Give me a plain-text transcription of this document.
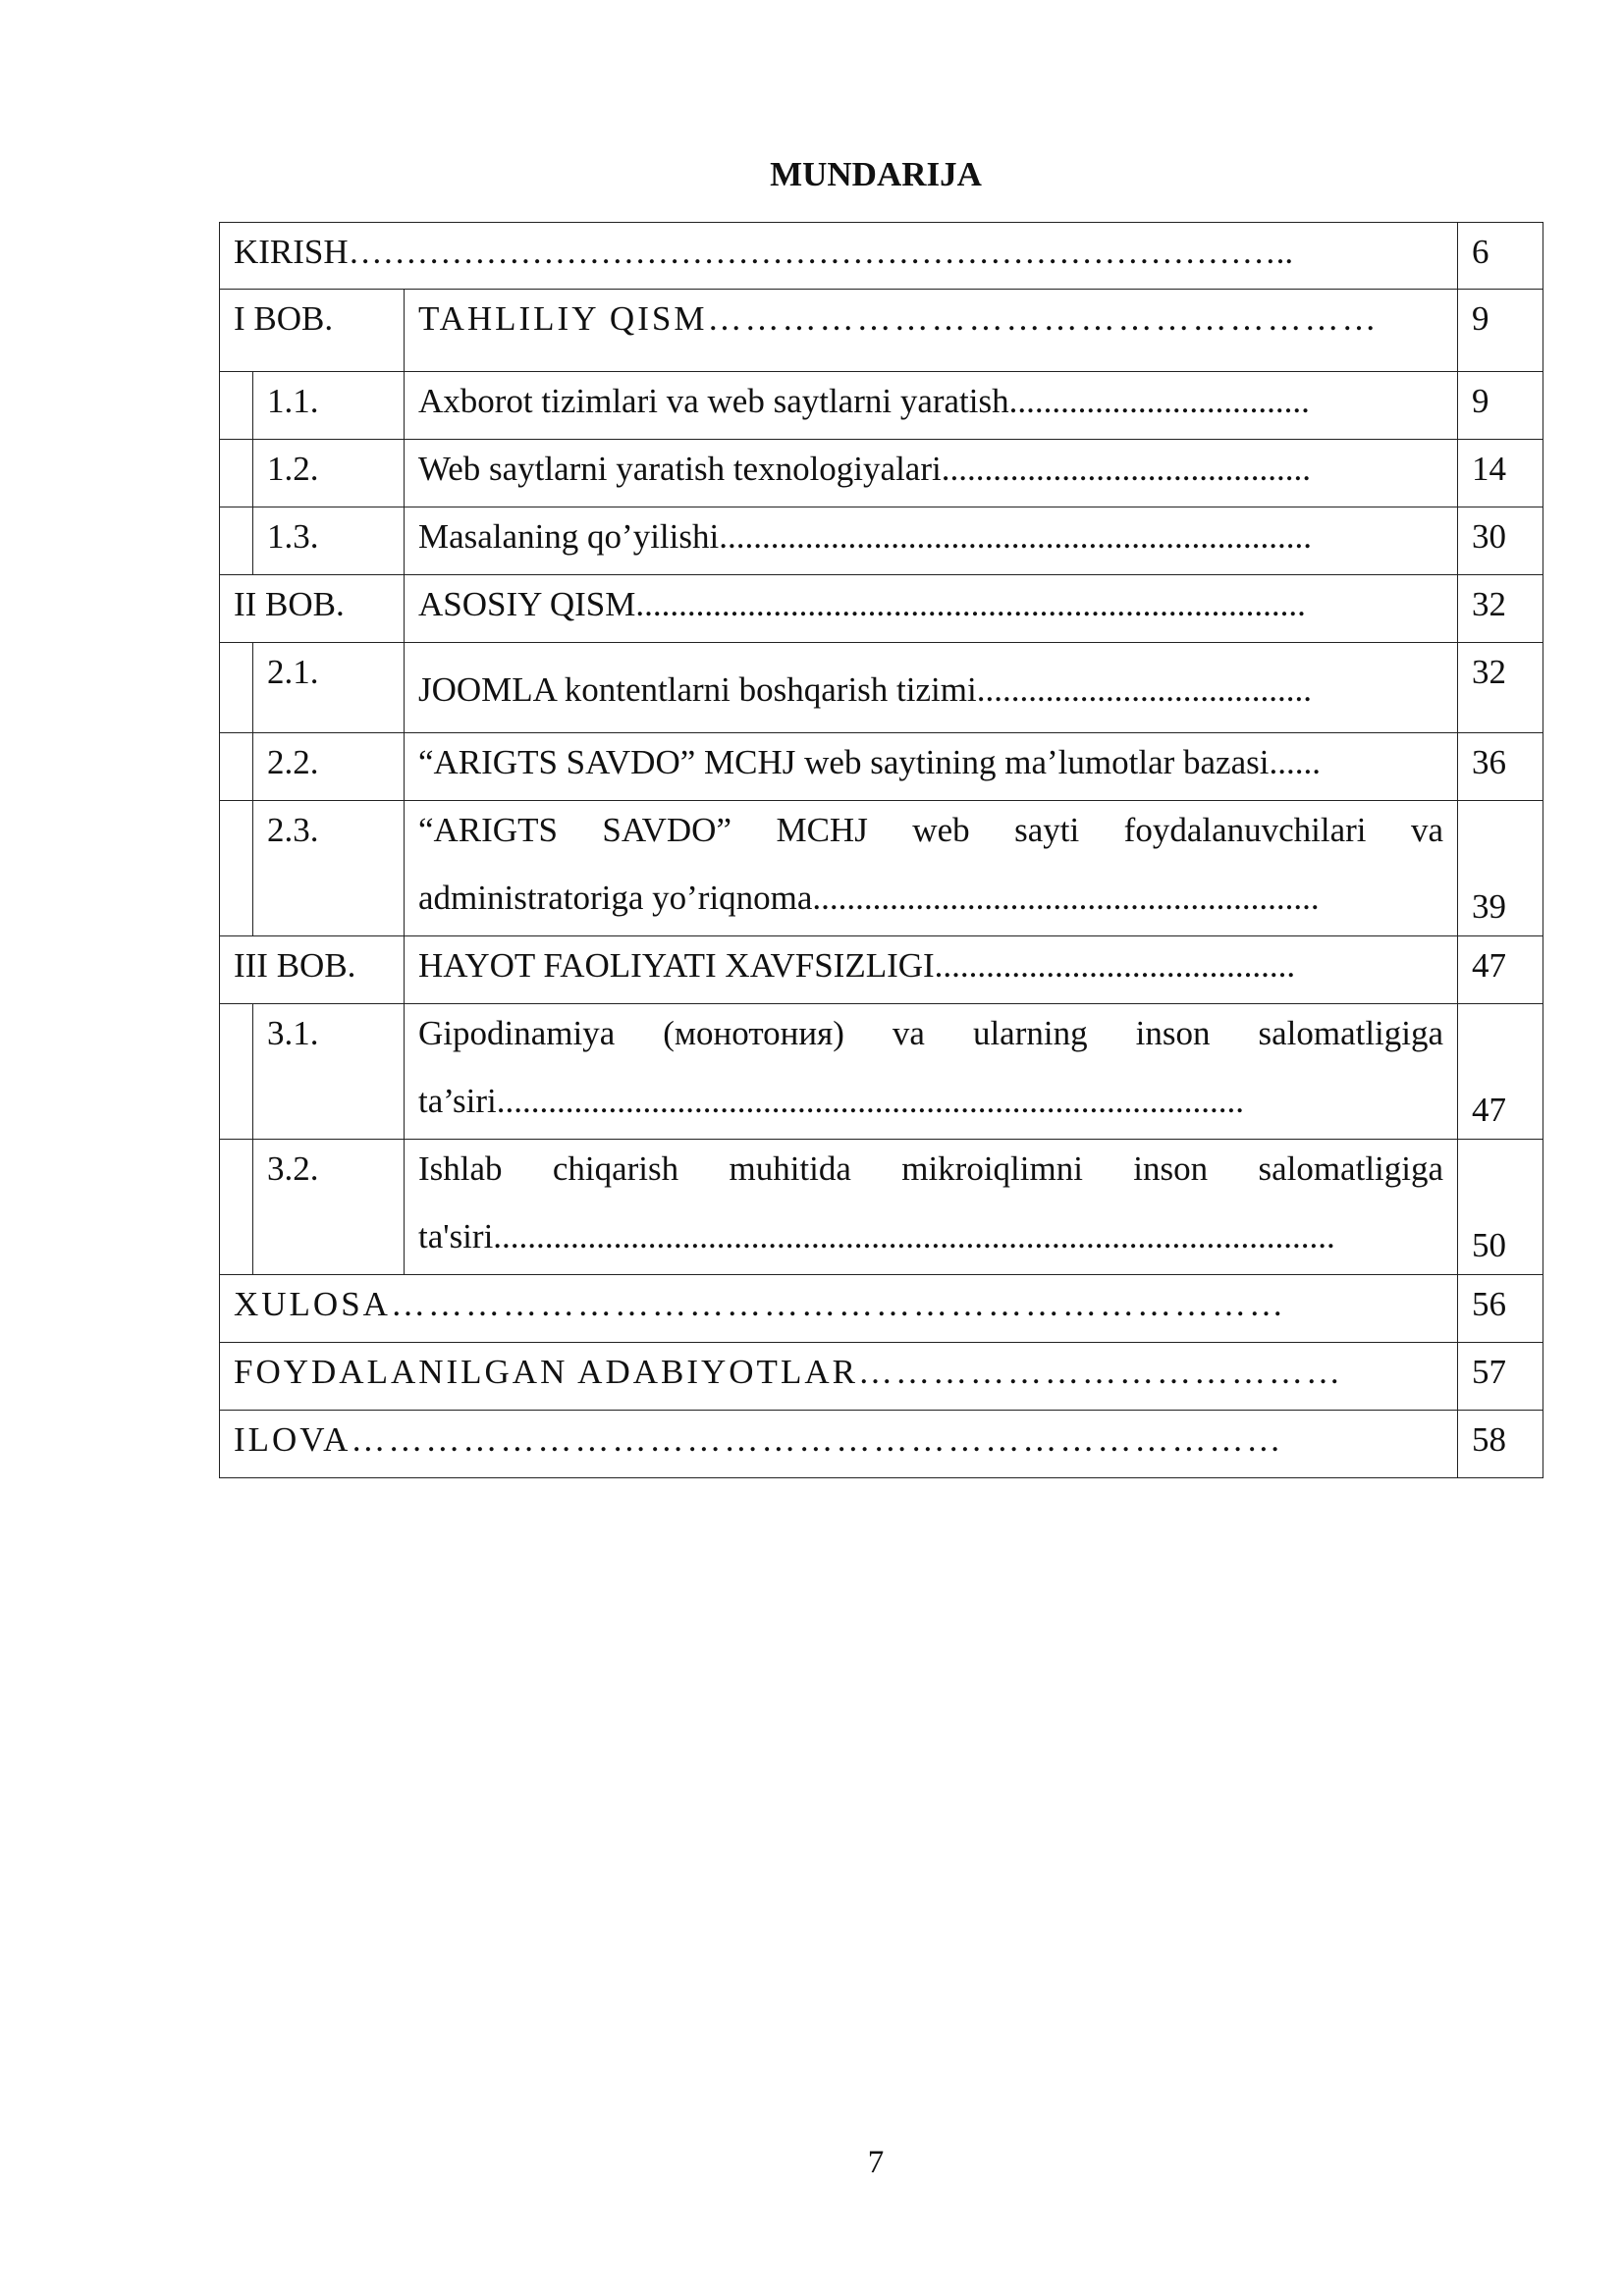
MUNDARIJA
KIRISH………………………………………………………………………..			6
I BOB.		TAHLILIY QISM………………………………………………	9
	1.1.	Axborot tizimlari va web saytlarni yaratish...................................	9
	1.2.	Web saytlarni yaratish texnologiyalari...........................................	14
	1.3.	Masalaning qo’yilishi.....................................................................	30
II BOB.		ASOSIY QISM..............................................................................	32
	2.1.	JOOMLA kontentlarni boshqarish tizimi.......................................	32
	2.2.	“ARIGTS SAVDO” MCHJ web saytining ma’lumotlar bazasi......	36
	2.3.	“ARIGTS SAVDO” MCHJ web sayti foydalanuvchilari va
administratoriga yo’riqnoma...........................................................	39
III BOB.		HAYOT FAOLIYATI XAVFSIZLIGI..........................................	47
	3.1.	Gipodinamiya (монотония) va ularning inson salomatligiga
ta’siri.......................................................................................	47
	3.2.	Ishlab chiqarish muhitida mikroiqlimni inson salomatligiga
ta'siri..................................................................................................	50

XULOSA………………………………………………………………			56

FOYDALANILGAN ADABIYOTLAR…………………………………			57

ILOVA…………………………………………………………………			58

7
